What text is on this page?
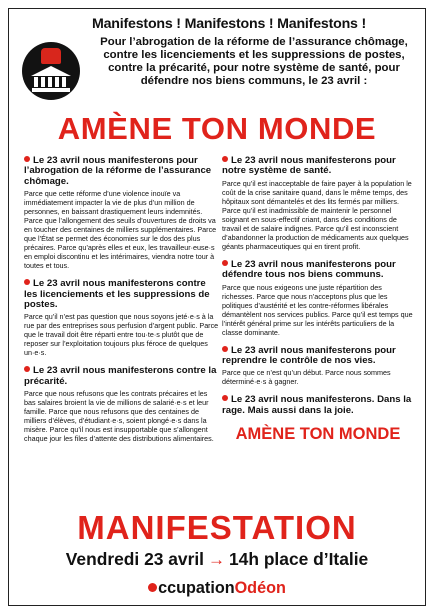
Manifestons ! Manifestons ! Manifestons !
Pour l’abrogation de la réforme de l’assurance chômage, contre les licenciements et les suppressions de postes, contre la précarité, pour notre système de santé, pour défendre nos biens communs, le 23 avril :
AMÈNE TON MONDE
Le 23 avril nous manifesterons pour l’abrogation de la réforme de l’assurance chômage.
Parce que cette réforme d’une violence inouïe va immédiatement impacter la vie de plus d’un million de personnes, en baissant drastiquement leurs indemnités. Parce que l’allongement des seuils d’ouvertures de droits va en toucher des centaines de milliers supplémentaires. Parce que l’État se permet des économies sur le dos des plus précaires. Parce qu’après elles et eux, les travailleur·euse·s en emploi discontinu et les intérimaires, viendra notre tour à toutes et tous.
Le 23 avril nous manifesterons contre les licenciements et les suppressions de postes.
Parce qu’il n’est pas question que nous soyons jeté·e·s à la rue par des entreprises sous perfusion d’argent public. Parce que le travail doit être réparti entre tou·te·s plutôt que de reposer sur l’exploitation toujours plus féroce de quelques un·e·s.
Le 23 avril nous manifesterons contre la précarité.
Parce que nous refusons que les contrats précaires et les bas salaires broient la vie de millions de salarié·e·s et leur famille. Parce que nous refusons que des centaines de milliers d’élèves, d’étudiant·e·s, soient plongé·e·s dans la misère. Parce qu’il nous est insupportable que s’allongent chaque jour les files d’attente des distributions alimentaires.
Le 23 avril nous manifesterons pour notre système de santé.
Parce qu’il est inacceptable de faire payer à la population le coût de la crise sanitaire quand, dans le même temps, des hôpitaux sont démantelés et des lits fermés par milliers. Parce qu’il est inadmissible de maintenir le personnel soignant en sous-effectif criant, dans des conditions de travail et de salaire indignes. Parce qu’il est inconscient d’abandonner la production de médicaments aux quelques géants pharmaceutiques qui en tirent profit.
Le 23 avril nous manifesterons pour défendre tous nos biens communs.
Parce que nous exigeons une juste répartition des richesses. Parce que nous n’acceptons plus que les politiques d’austérité et les contre-réformes libérales démantèlent nos services publics. Parce qu’il est temps que l’intérêt général prime sur les intérêts particuliers de la classe dominante.
Le 23 avril nous manifesterons pour reprendre le contrôle de nos vies.
Parce que ce n’est qu’un début. Parce nous sommes déterminé·e·s à gagner.
Le 23 avril nous manifesterons. Dans la rage. Mais aussi dans la joie.
AMÈNE TON MONDE
MANIFESTATION
Vendredi 23 avril → 14h place d’Italie
ccupationOdéon
